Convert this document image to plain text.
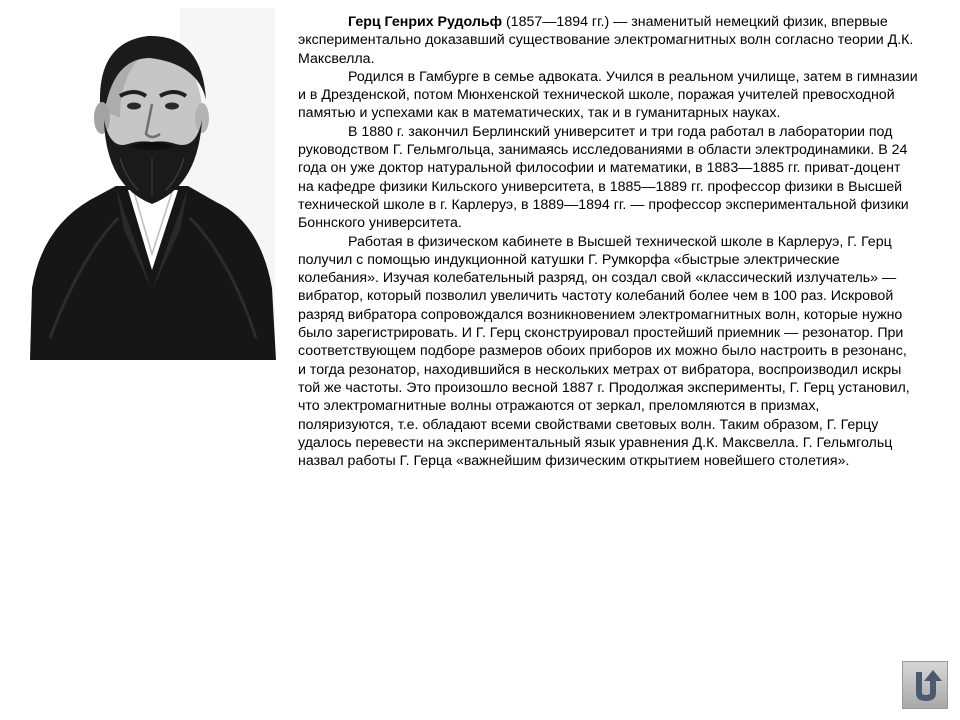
Герц Генрих Рудольф (1857—1894 гг.) — знаменитый немецкий физик, впервые экспериментально доказавший существование электромагнитных волн согласно теории Д.К. Максвелла.

Родился в Гамбурге в семье адвоката. Учился в реальном училище, затем в гимназии и в Дрезденской, потом Мюнхенской технической школе, поражая учителей превосходной памятью и успехами как в математических, так и в гуманитарных науках.

В 1880 г. закончил Берлинский университет и три года работал в лаборатории под руководством Г. Гельмгольца, занимаясь исследованиями в области электродинамики. В 24 года он уже доктор натуральной философии и математики, в 1883—1885 гг. приват-доцент на кафедре физики Кильского университета, в 1885—1889 гг. профессор физики в Высшей технической школе в г. Карлеруэ, в 1889—1894 гг. — профессор экспериментальной физики Боннского университета.

Работая в физическом кабинете в Высшей технической школе в Карлеруэ, Г. Герц получил с помощью индукционной катушки Г. Румкорфа «быстрые электрические колебания». Изучая колебательный разряд, он создал свой «классический излучатель» — вибратор, который позволил увеличить частоту колебаний более чем в 100 раз. Искровой разряд вибратора сопровождался возникновением электромагнитных волн, которые нужно было зарегистрировать. И Г. Герц сконструировал простейший приемник — резонатор. При соответствующем подборе размеров обоих приборов их можно было настроить в резонанс, и тогда резонатор, находившийся в нескольких метрах от вибратора, воспроизводил искры той же частоты. Это произошло весной 1887 г. Продолжая эксперименты, Г. Герц установил, что электромагнитные волны отражаются от зеркал, преломляются в призмах, поляризуются, т.е. обладают всеми свойствами световых волн. Таким образом, Г. Герцу удалось перевести на экспериментальный язык уравнения Д.К. Максвелла. Г. Гельмгольц назвал работы Г. Герца «важнейшим физическим открытием новейшего столетия».
